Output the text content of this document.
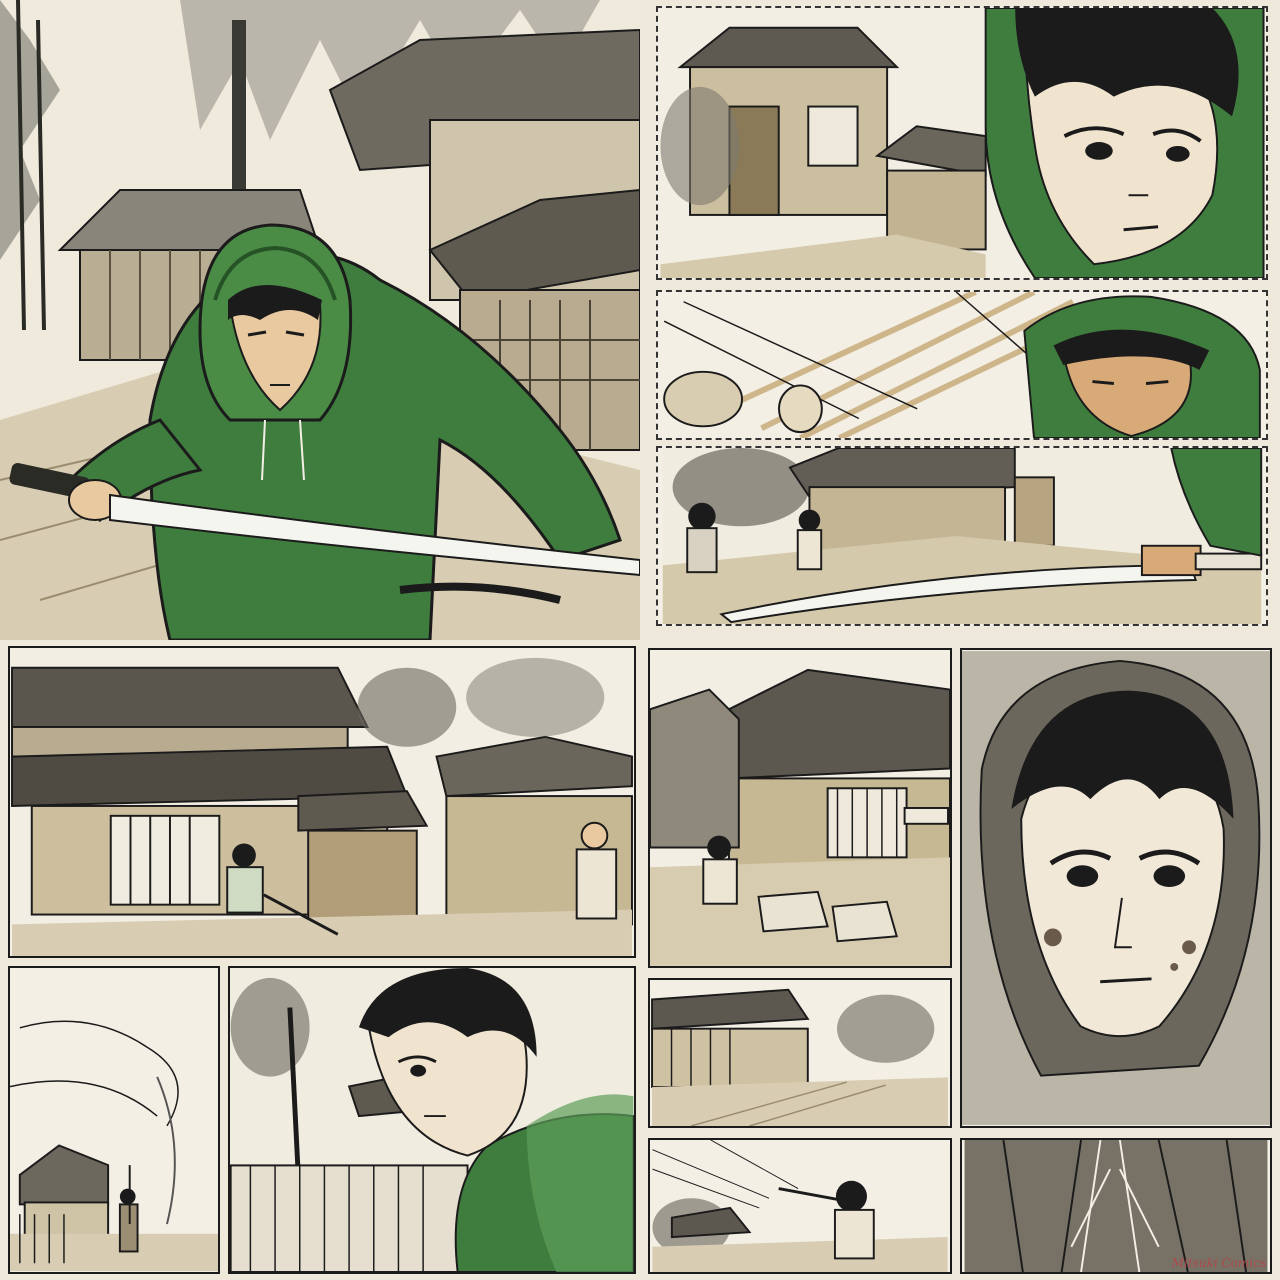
Mitsuki Comics
